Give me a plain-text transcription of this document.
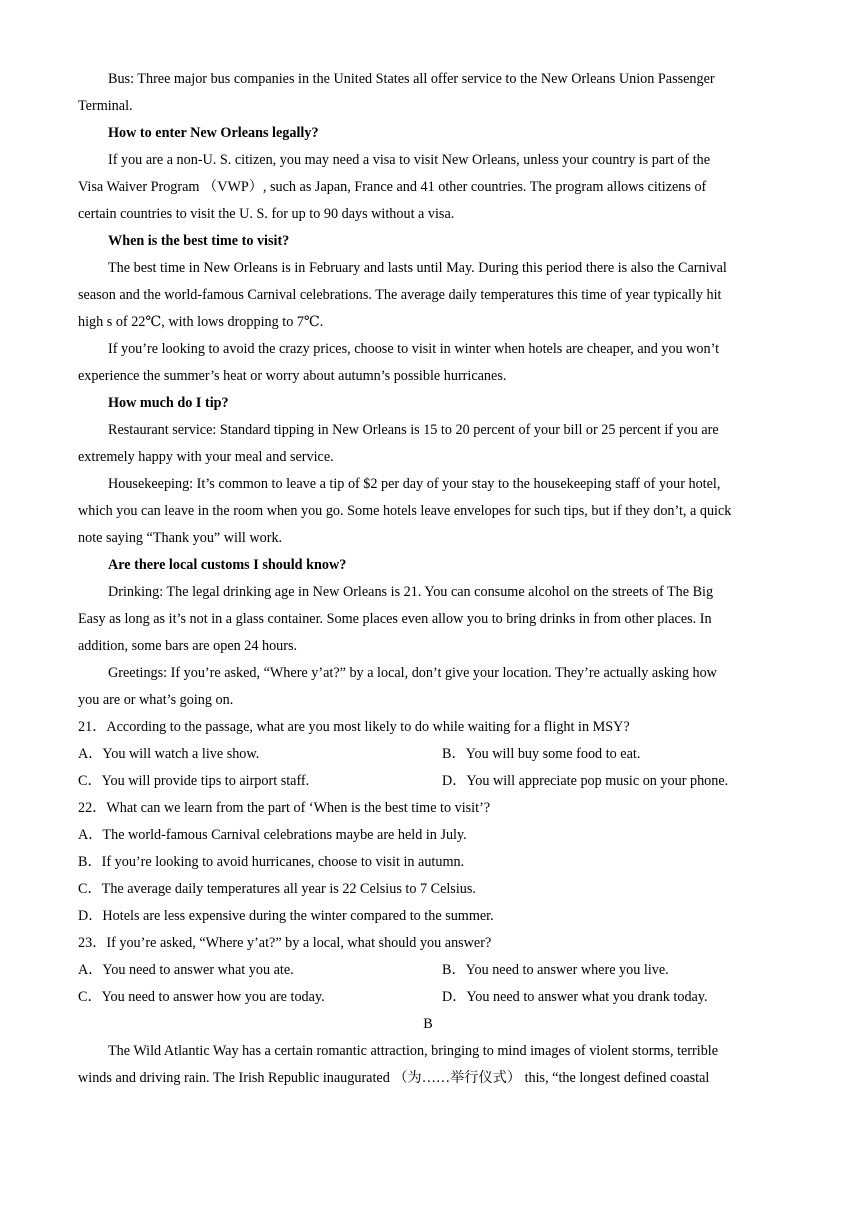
Bus: Three major bus companies in the United States all offer service to the New Orleans Union Passenger
Terminal.
How to enter New Orleans legally?
If you are a non-U. S. citizen, you may need a visa to visit New Orleans, unless your country is part of the
Visa Waiver Program （VWP）, such as Japan, France and 41 other countries. The program allows citizens of
certain countries to visit the U. S. for up to 90 days without a visa.
When is the best time to visit?
The best time in New Orleans is in February and lasts until May. During this period there is also the Carnival
season and the world-famous Carnival celebrations. The average daily temperatures this time of year typically hit
high s of 22℃, with lows dropping to 7℃.
If you’re looking to avoid the crazy prices, choose to visit in winter when hotels are cheaper, and you won’t
experience the summer’s heat or worry about autumn’s possible hurricanes.
How much do I tip?
Restaurant service: Standard tipping in New Orleans is 15 to 20 percent of your bill or 25 percent if you are
extremely happy with your meal and service.
Housekeeping: It’s common to leave a tip of $2 per day of your stay to the housekeeping staff of your hotel,
which you can leave in the room when you go. Some hotels leave envelopes for such tips, but if they don’t, a quick
note saying “Thank you” will work.
Are there local customs I should know?
Drinking: The legal drinking age in New Orleans is 21. You can consume alcohol on the streets of The Big
Easy as long as it’s not in a glass container. Some places even allow you to bring drinks in from other places. In
addition, some bars are open 24 hours.
Greetings: If you’re asked, “Where y’at?” by a local, don’t give your location. They’re actually asking how
you are or what’s going on.
21．According to the passage, what are you most likely to do while waiting for a flight in MSY?
A．You will watch a live show.	B．You will buy some food to eat.
C．You will provide tips to airport staff.	D．You will appreciate pop music on your phone.
22．What can we learn from the part of ‘When is the best time to visit’?
A．The world-famous Carnival celebrations maybe are held in July.
B．If you’re looking to avoid hurricanes, choose to visit in autumn.
C．The average daily temperatures all year is 22 Celsius to 7 Celsius.
D．Hotels are less expensive during the winter compared to the summer.
23．If you’re asked, “Where y’at?” by a local, what should you answer?
A．You need to answer what you ate.	B．You need to answer where you live.
C．You need to answer how you are today.	D．You need to answer what you drank today.
B
The Wild Atlantic Way has a certain romantic attraction, bringing to mind images of violent storms, terrible
winds and driving rain. The Irish Republic inaugurated （为……举行仪式） this, “the longest defined coastal
